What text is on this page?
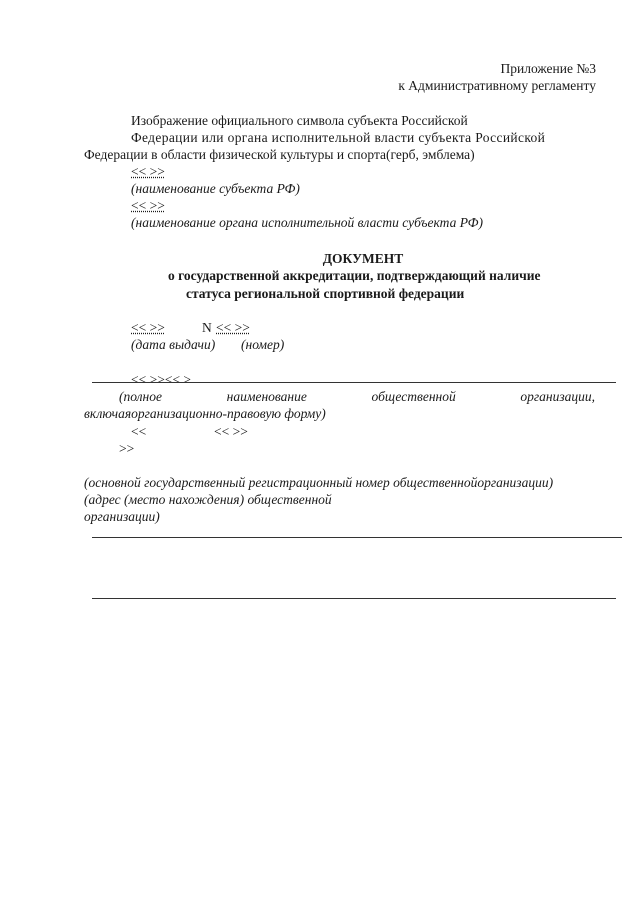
Приложение №3
к Административному регламенту
Изображение официального символа субъекта Российской
Федерации или органа исполнительной власти субъекта Российской
Федерации в области физической культуры и спорта(герб, эмблема)
<< >>
(наименование субъекта РФ)
<< >>
(наименование органа исполнительной власти субъекта РФ)
ДОКУМЕНТ
о государственной аккредитации, подтверждающий наличие
статуса региональной спортивной федерации
<< >>	N << >>
(дата выдачи) (номер)
<< >><< >
(полное	наименование	общественной	организации,
включаяорганизационно-правовую форму)
<<	<< >>
>>
(основной государственный регистрационный номер общественнойорганизации)
(адрес (место нахождения) общественной
организации)
